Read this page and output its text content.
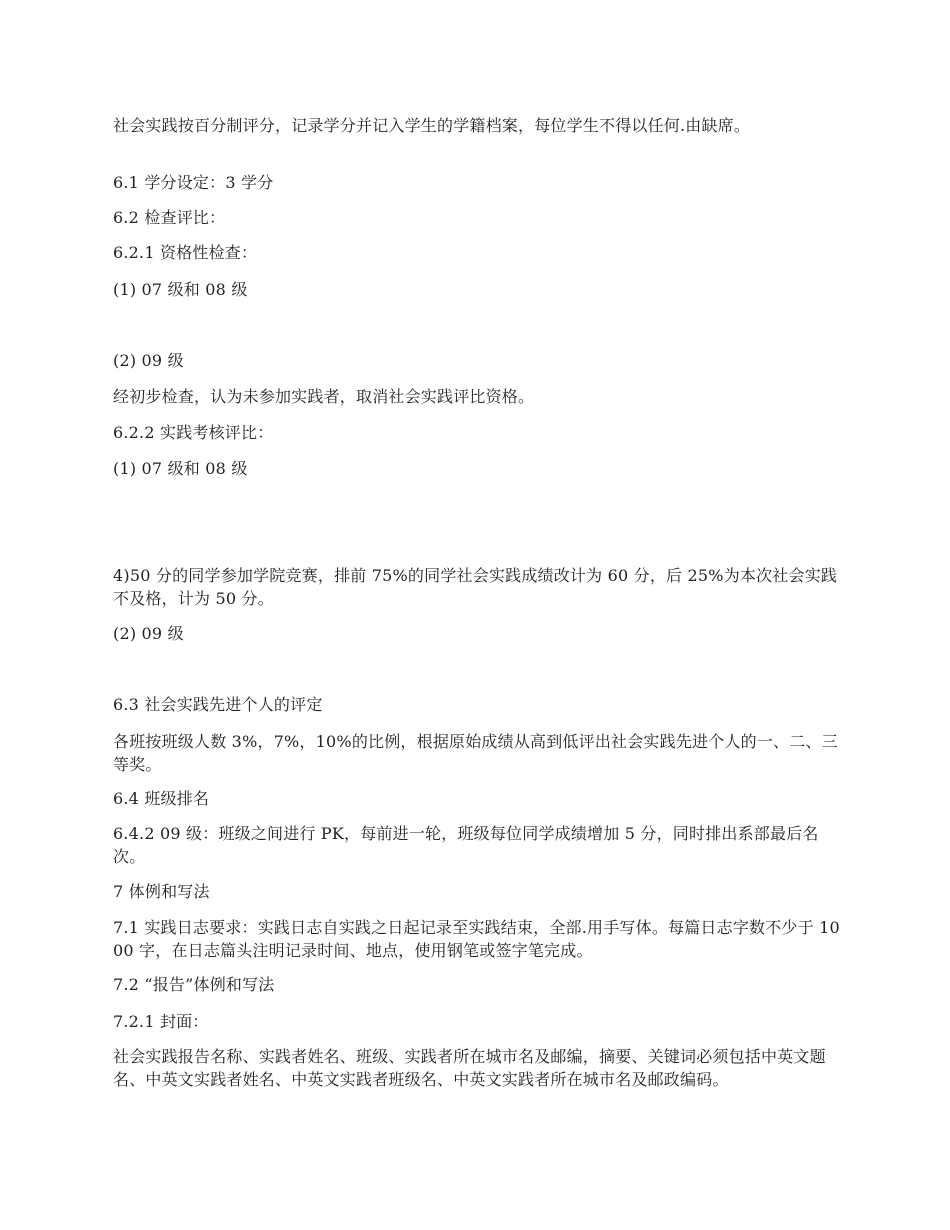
社会实践按百分制评分，记录学分并记入学生的学籍档案，每位学生不得以任何.由缺席。

6.1 学分设定：3 学分

6.2 检查评比：

6.2.1 资格性检查：

(1) 07 级和 08 级

(2) 09 级

经初步检查，认为未参加实践者，取消社会实践评比资格。

6.2.2 实践考核评比：

(1) 07 级和 08 级

4)50 分的同学参加学院竞赛，排前 75%的同学社会实践成绩改计为 60 分，后 25%为本次社会实践不及格，计为 50 分。

(2) 09 级

6.3 社会实践先进个人的评定

各班按班级人数 3%，7%，10%的比例，根据原始成绩从高到低评出社会实践先进个人的一、二、三等奖。

6.4 班级排名

6.4.2 09 级：班级之间进行 PK，每前进一轮，班级每位同学成绩增加 5 分，同时排出系部最后名次。

7 体例和写法

7.1 实践日志要求：实践日志自实践之日起记录至实践结束，全部.用手写体。每篇日志字数不少于 1000 字，在日志篇头注明记录时间、地点，使用钢笔或签字笔完成。

7.2 “报告”体例和写法

7.2.1 封面：

社会实践报告名称、实践者姓名、班级、实践者所在城市名及邮编，摘要、关键词必须包括中英文题名、中英文实践者姓名、中英文实践者班级名、中英文实践者所在城市名及邮政编码。
